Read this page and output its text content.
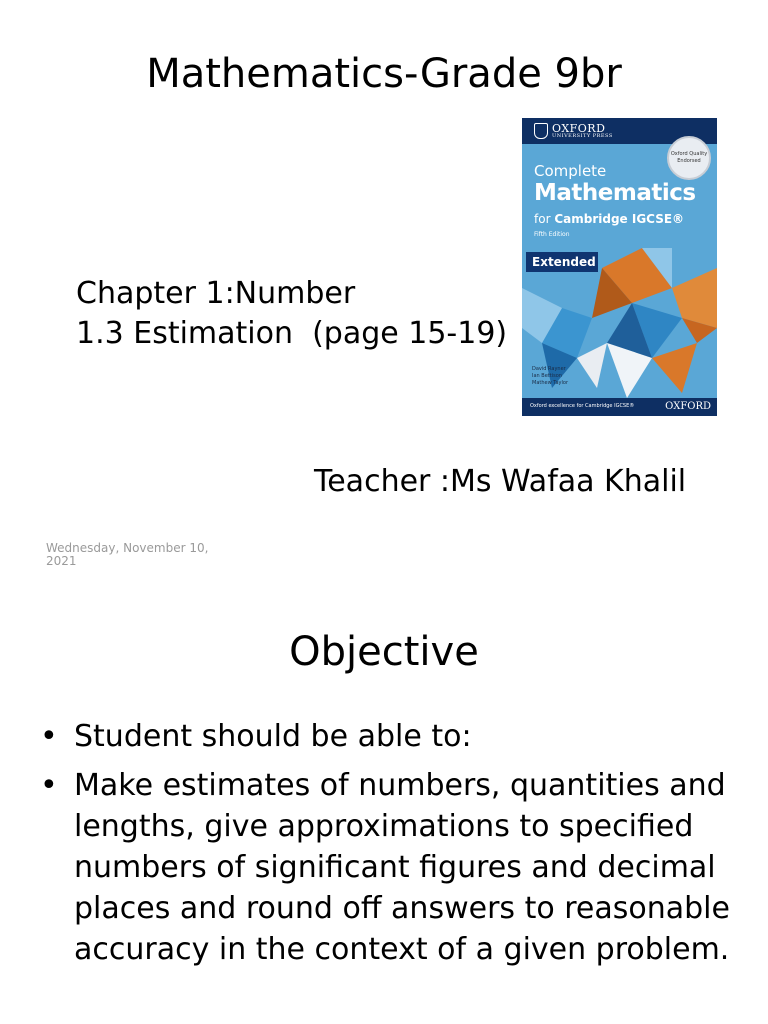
Mathematics-Grade 9br
Chapter 1:Number
1.3 Estimation  (page 15-19)
OXFORD
UNIVERSITY PRESS
Oxford Quality Endorsed
Complete
Mathematics
for Cambridge IGCSE®
Fifth Edition
Extended
David Rayner
Ian Bettison
Mathew Taylor
Oxford excellence for Cambridge IGCSE®	OXFORD
Teacher :Ms Wafaa Khalil
Wednesday, November 10, 2021
Objective
• Student should be able to:
• Make estimates of numbers, quantities and lengths, give approximations to specified numbers of significant figures and decimal places and round off answers to reasonable accuracy in the context of a given problem.
